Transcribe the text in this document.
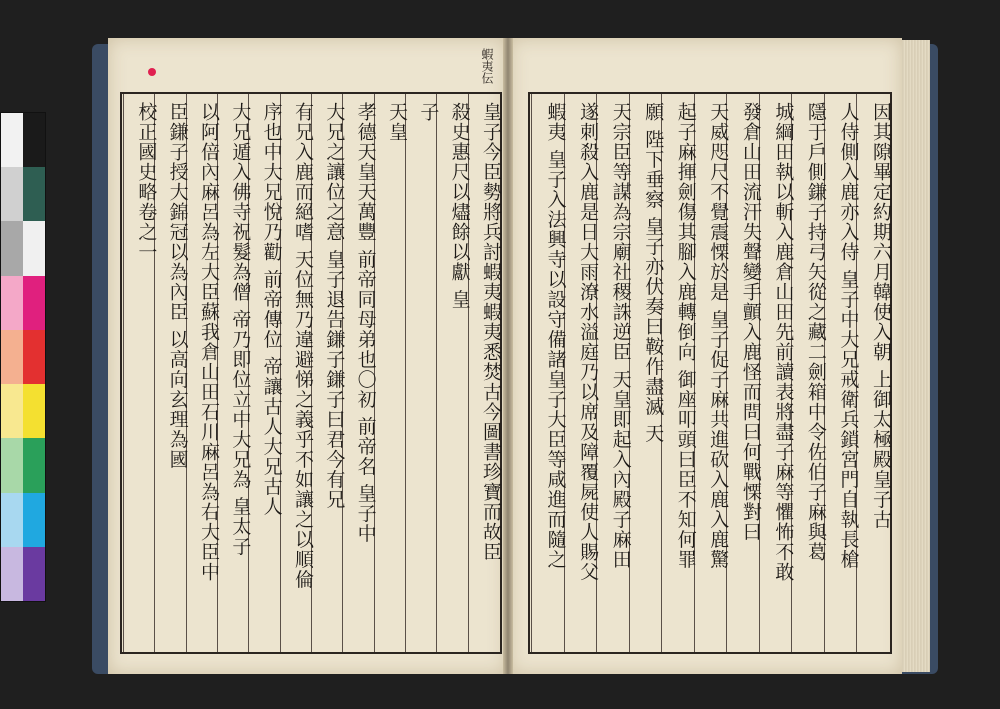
蝦夷伝
皇子今臣勢將兵討蝦夷蝦夷悉焚古今圖書珍寶而故臣
殺史惠尺以燼餘以獻 皇
子
天皇
孝德天皇天萬豐 前帝同母弟也〇初 前帝名 皇子中
大兄之讓位之意 皇子退告鎌子鎌子曰君今有兄
有兄入鹿而絕嗜 天位無乃違避悌之義乎不如讓之以順倫
序也中大兄悅乃勸 前帝傳位 帝讓古人大兄古人
大兄遁入佛寺祝髮為僧 帝乃即位立中大兄為 皇太子
以阿倍內麻呂為左大臣蘇我倉山田石川麻呂為右大臣中
臣鎌子授大錦冠以為內臣 以高向玄理為國
校正國史略卷之一	因其隙畢定約期六月韓使入朝 上御太極殿皇子古
人侍側入鹿亦入侍 皇子中大兄戒衛兵鎖宮門自執長槍
隱于戶側鎌子持弓矢從之藏二劍箱中令佐伯子麻與葛
城綱田執以斬入鹿倉山田先前讀表將盡子麻等懼怖不敢
發倉山田流汗失聲變手顫入鹿怪而問曰何戰慄對曰
天威咫尺不覺震慄於是 皇子促子麻共進砍入鹿入鹿驚
起子麻揮劍傷其腳入鹿轉倒向 御座叩頭曰臣不知何罪
願 陛下垂察 皇子亦伏奏曰鞍作盡滅 天
天宗臣等謀為宗廟社稷誅逆臣 天皇即起入內殿子麻田
遂刺殺入鹿是日大雨潦水溢庭乃以席及障覆屍使人賜父
蝦夷 皇子入法興寺以設守備諸皇子大臣等咸進而隨之
